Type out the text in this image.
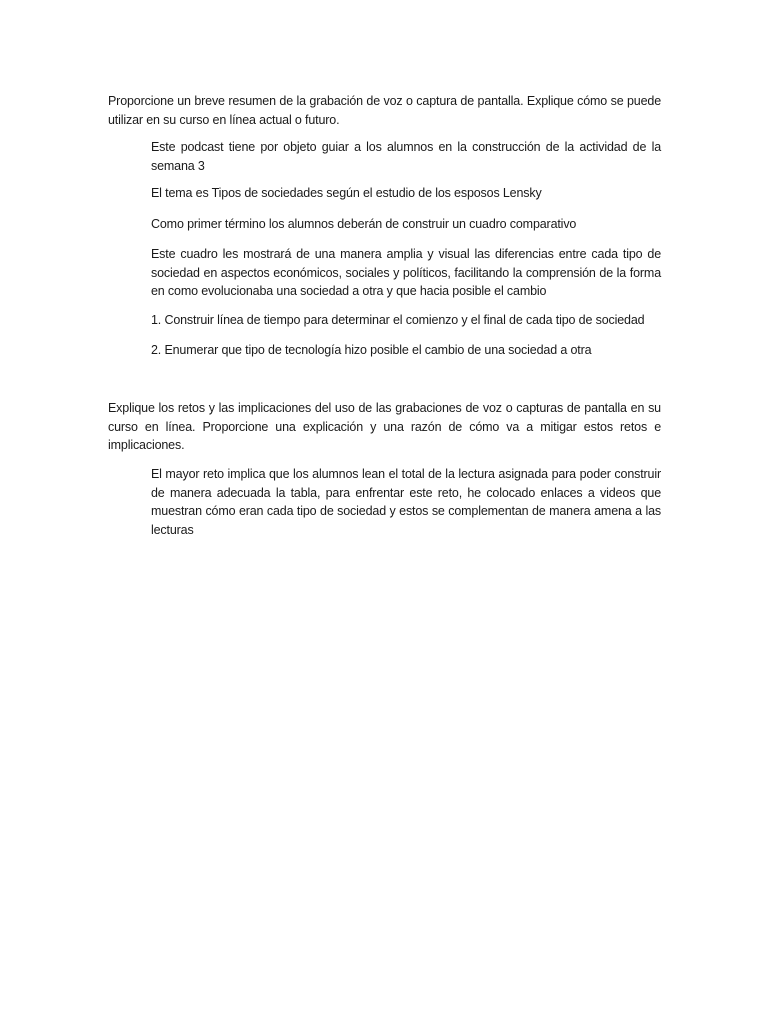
Proporcione un breve resumen de la grabación de voz o captura de pantalla. Explique cómo se puede utilizar en su curso en línea actual o futuro.

Este podcast tiene por objeto guiar a los alumnos en la construcción de la actividad de la semana 3

El tema es Tipos de sociedades según el estudio de los esposos Lensky

Como primer término los alumnos deberán de construir un cuadro comparativo

Este cuadro les mostrará de una manera amplia y visual las diferencias entre cada tipo de sociedad en aspectos económicos, sociales y políticos, facilitando la comprensión de la forma en como evolucionaba una sociedad a otra y que hacia posible el cambio

1. Construir línea de tiempo para determinar el comienzo y el final de cada tipo de sociedad

2. Enumerar que tipo de tecnología hizo posible el cambio de una sociedad a otra

Explique los retos y las implicaciones del uso de las grabaciones de voz o capturas de pantalla en su curso en línea. Proporcione una explicación y una razón de cómo va a mitigar estos retos e implicaciones.

El mayor reto implica que los alumnos lean el total de la lectura asignada para poder construir de manera adecuada la tabla, para enfrentar este reto, he colocado enlaces a videos que muestran cómo eran cada tipo de sociedad y estos se complementan de manera amena a las lecturas
